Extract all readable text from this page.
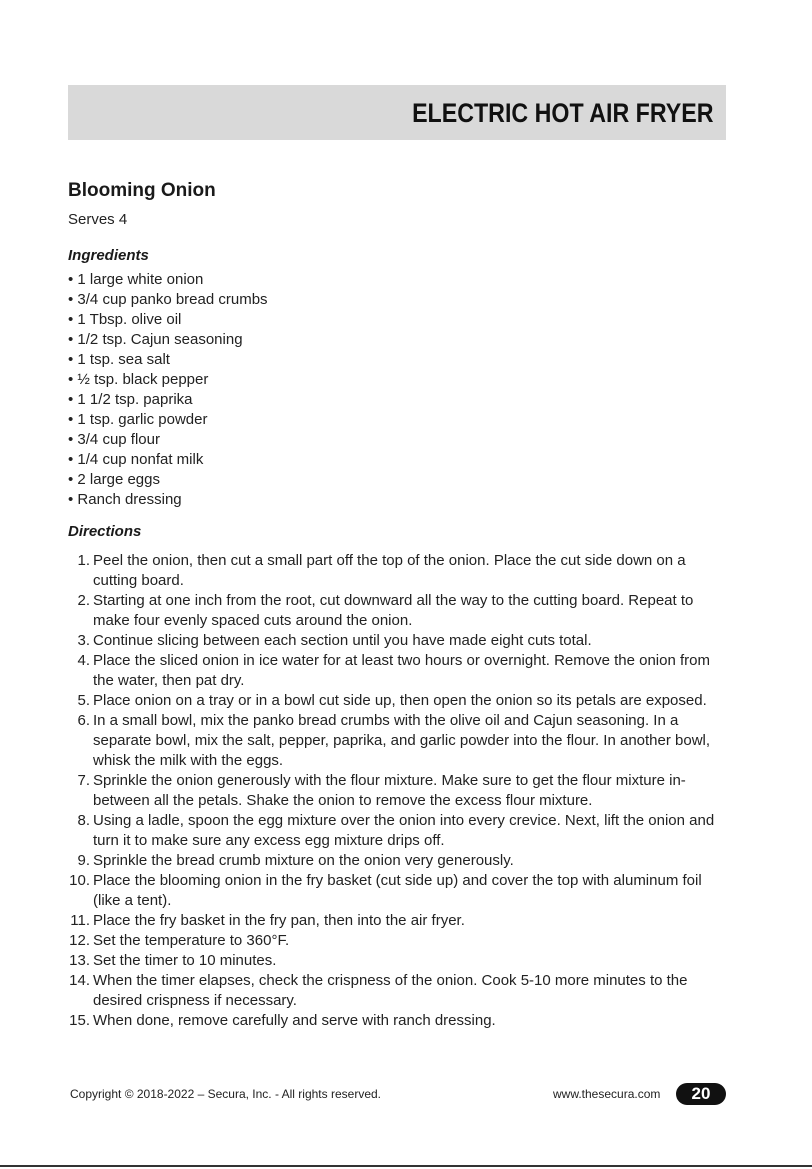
ELECTRIC HOT AIR FRYER
Blooming Onion

Serves 4

Ingredients
• 1 large white onion
• 3/4 cup panko bread crumbs
• 1 Tbsp. olive oil
• 1/2 tsp. Cajun seasoning
• 1 tsp. sea salt
• ½ tsp. black pepper
• 1 1/2 tsp. paprika
• 1 tsp. garlic powder
• 3/4 cup flour
• 1/4 cup nonfat milk
• 2 large eggs
• Ranch dressing
Directions
1. Peel the onion, then cut a small part off the top of the onion. Place the cut side down on a cutting board.
2. Starting at one inch from the root, cut downward all the way to the cutting board. Repeat to make four evenly spaced cuts around the onion.
3. Continue slicing between each section until you have made eight cuts total.
4. Place the sliced onion in ice water for at least two hours or overnight. Remove the onion from the water, then pat dry.
5. Place onion on a tray or in a bowl cut side up, then open the onion so its petals are exposed.
6. In a small bowl, mix the panko bread crumbs with the olive oil and Cajun seasoning. In a separate bowl, mix the salt, pepper, paprika, and garlic powder into the flour. In another bowl, whisk the milk with the eggs.
7. Sprinkle the onion generously with the flour mixture. Make sure to get the flour mixture in-between all the petals. Shake the onion to remove the excess flour mixture.
8. Using a ladle, spoon the egg mixture over the onion into every crevice. Next, lift the onion and turn it to make sure any excess egg mixture drips off.
9. Sprinkle the bread crumb mixture on the onion very generously.
10. Place the blooming onion in the fry basket (cut side up) and cover the top with aluminum foil (like a tent).
11. Place the fry basket in the fry pan, then into the air fryer.
12. Set the temperature to 360°F.
13. Set the timer to 10 minutes.
14. When the timer elapses, check the crispness of the onion. Cook 5-10 more minutes to the desired crispness if necessary.
15. When done, remove carefully and serve with ranch dressing.
Copyright © 2018-2022 – Secura, Inc. - All rights reserved.	www.thesecura.com	20
